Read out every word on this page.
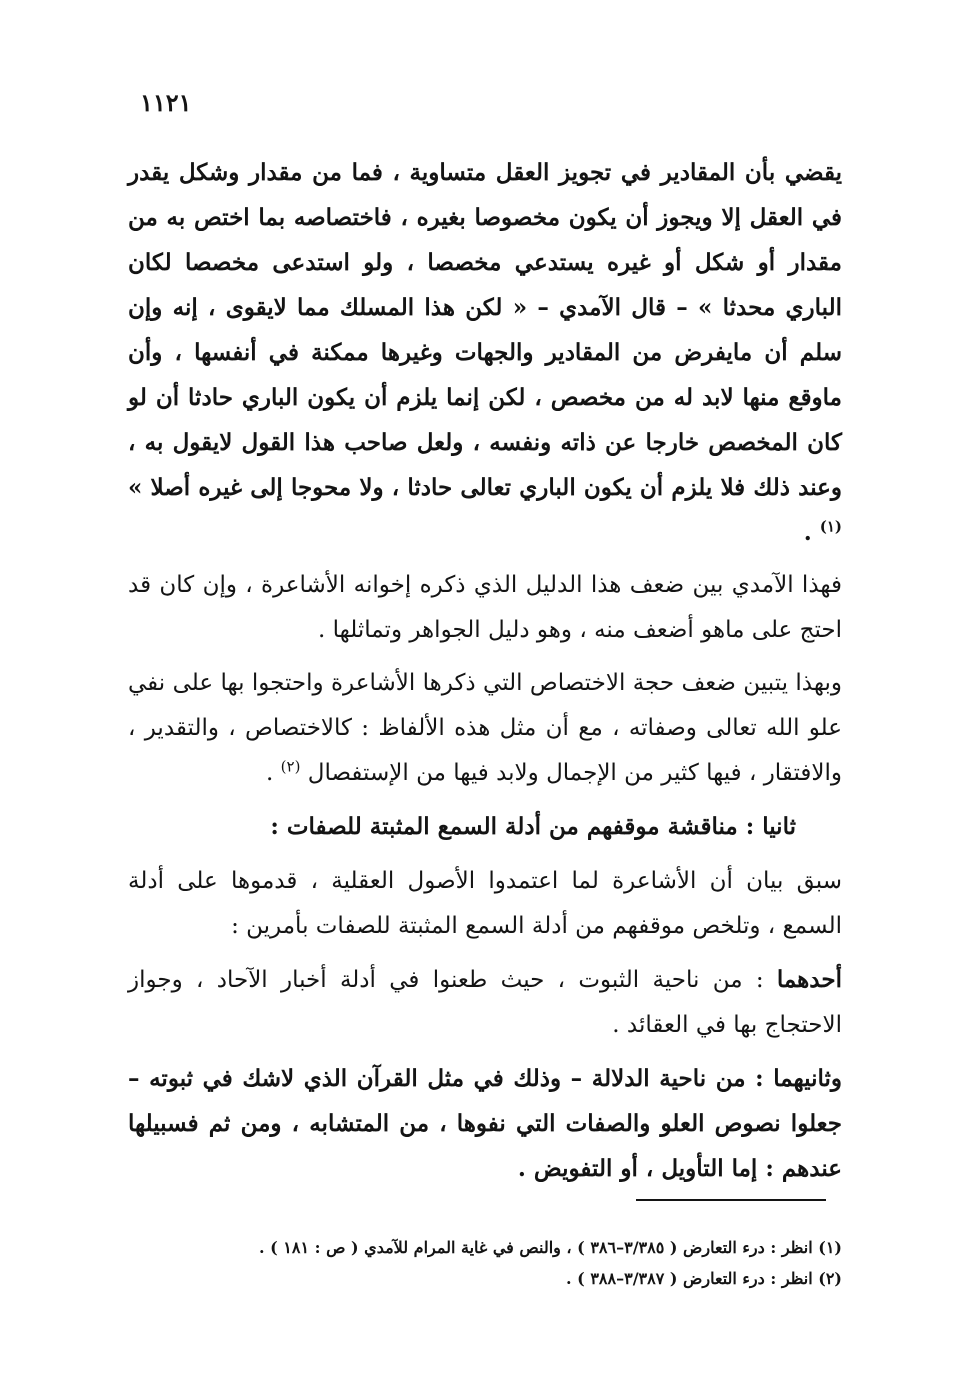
١١٢١

يقضي بأن المقادير في تجويز العقل متساوية ، فما من مقدار وشكل يقدر في العقل إلا ويجوز أن يكون مخصوصا بغيره ، فاختصاصه بما اختص به من مقدار أو شكل أو غيره يستدعي مخصصا ، ولو استدعى مخصصا لكان الباري محدثا » – قال الآمدي – « لكن هذا المسلك مما لايقوى ، إنه وإن سلم أن مايفرض من المقادير والجهات وغيرها ممكنة في أنفسها ، وأن ماوقع منها لابد له من مخصص ، لكن إنما يلزم أن يكون الباري حادثا أن لو كان المخصص خارجا عن ذاته ونفسه ، ولعل صاحب هذا القول لايقول به ، وعند ذلك فلا يلزم أن يكون الباري تعالى حادثا ، ولا محوجا إلى غيره أصلا » $^{(١)}$ .

فهذا الآمدي بين ضعف هذا الدليل الذي ذكره إخوانه الأشاعرة ، وإن كان قد احتج على ماهو أضعف منه ، وهو دليل الجواهر وتماثلها .

وبهذا يتبين ضعف حجة الاختصاص التي ذكرها الأشاعرة واحتجوا بها على نفي علو الله تعالى وصفاته ، مع أن مثل هذه الألفاظ : كالاختصاص ، والتقدير ، والافتقار ، فيها كثير من الإجمال ولابد فيها من الإستفصال $^{(٢)}$ .

ثانيا : مناقشة موقفهم من أدلة السمع المثبتة للصفات :

سبق بيان أن الأشاعرة لما اعتمدوا الأصول العقلية ، قدموها على أدلة السمع ، وتلخص موقفهم من أدلة السمع المثبتة للصفات بأمرين :

أحدهما : من ناحية الثبوت ، حيث طعنوا في أدلة أخبار الآحاد ، وجواز الاحتجاج بها في العقائد .

وثانيهما : من ناحية الدلالة – وذلك في مثل القرآن الذي لاشك في ثبوته – جعلوا نصوص العلو والصفات التي نفوها ، من المتشابه ، ومن ثم فسبيلها عندهم : إما التأويل ، أو التفويض .

(١) انظر : درء التعارض ( ٣/٣٨٥–٣٨٦ ) ، والنص في غاية المرام للآمدي ( ص : ١٨١ ) .

(٢) انظر : درء التعارض ( ٣/٣٨٧–٣٨٨ ) .
